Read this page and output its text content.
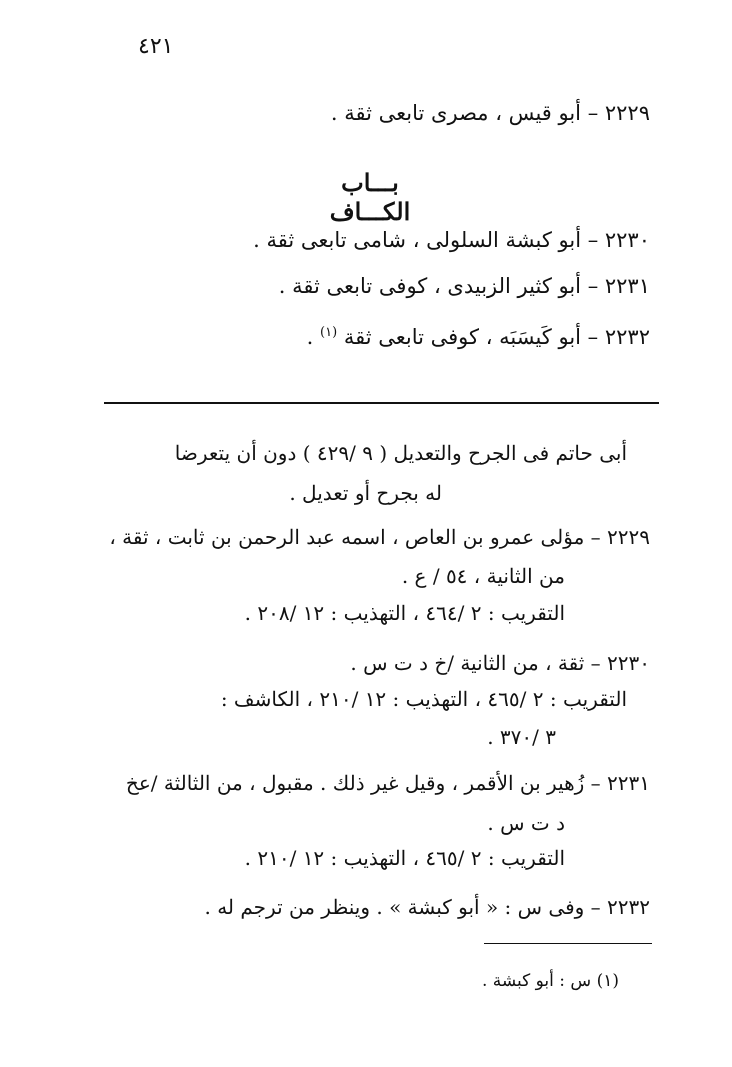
٤٢١
٢٢٢٩ – أبو قيس ، مصرى تابعى ثقة .
بـــاب الكـــاف
٢٢٣٠ – أبو كبشة السلولى ، شامى تابعى ثقة .
٢٢٣١ – أبو كثير الزبيدى ، كوفى تابعى ثقة .
٢٢٣٢ – أبو كَيسَبَه ، كوفى تابعى ثقة $^{(١)}$ .
أبى حاتم فى الجرح والتعديل ( ٩ /٤٢٩ ) دون أن يتعرضا
له بجرح أو تعديل .
٢٢٢٩ – مؤلى عمرو بن العاص ، اسمه عبد الرحمن بن ثابت ، ثقة ،
من الثانية ، ٥٤ / ع .
التقريب : ٢ /٤٦٤ ، التهذيب : ١٢ /٢٠٨ .
٢٢٣٠ – ثقة ، من الثانية /خ د ت س .
التقريب : ٢ /٤٦٥ ، التهذيب : ١٢ /٢١٠ ، الكاشف :
٣ /٣٧٠ .
٢٢٣١ – زُهير بن الأقمر ، وقيل غير ذلك . مقبول ، من الثالثة /عخ
د ت س .
التقريب : ٢ /٤٦٥ ، التهذيب : ١٢ /٢١٠ .
٢٢٣٢ – وفى س : « أبو كبشة » . وينظر من ترجم له .
(١) س : أبو كبشة .
